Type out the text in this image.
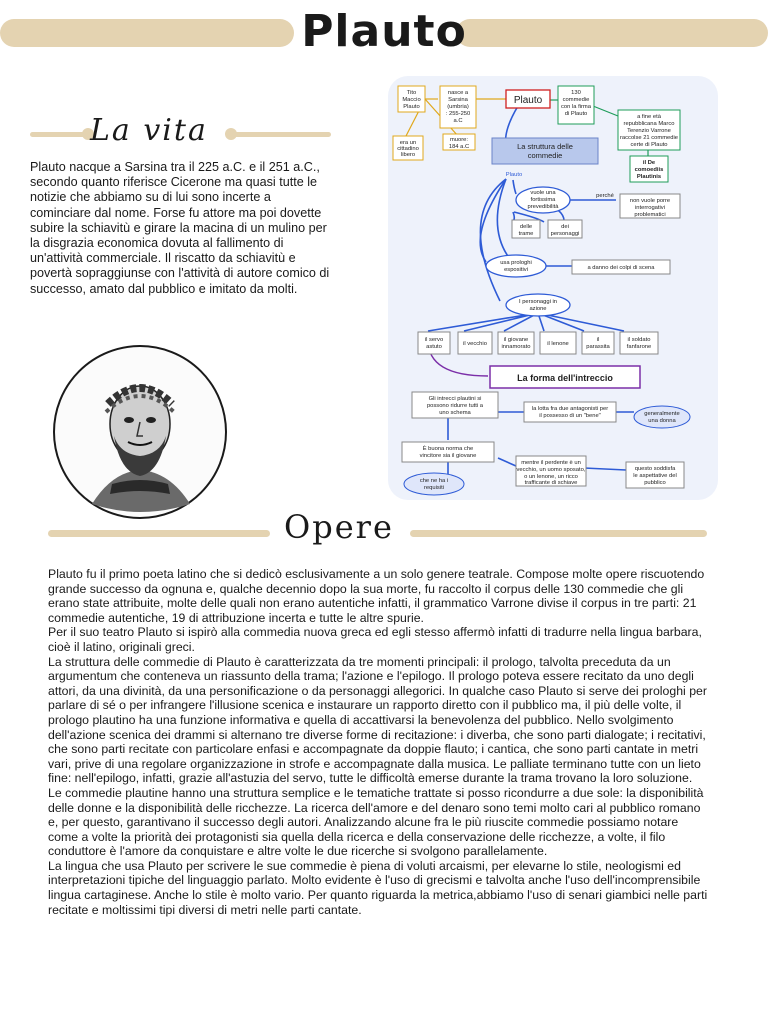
Plauto
La vita

Plauto nacque a Sarsina tra il 225 a.C. e il 251 a.C., secondo quanto riferisce Cicerone ma quasi tutte le notizie che abbiamo su di lui sono incerte a cominciare dal nome. Forse fu attore ma poi dovette subire la schiavitù e girare la macina di un mulino per la disgrazia economica dovuta al fallimento di un'attività commerciale. Il riscatto da schiavitù e povertà sopraggiunse con l'attività di autore comico di successo, amato dal pubblico e imitato da molti.

Tito
Maccio
Plauto
nasce a
Sarsina
(umbria)
: 255-250
a.C
era un
cittadino
libero
muore:
184 a.C
Plauto
130
commedie
con la firma
di Plauto	a fine età
repubblicana Marco
Terenzio Varrone
raccolse 21 commedie
certe di Plauto
il De
comoediis
Plautinis
La struttura delle
commedie
Plauto
vuole una
fortissima
prevedibilità
perché
non vuole porre
interrogativi
problematici
delle
trame
dei
personaggi
usa prologhi
espositivi	a danno dei colpi di scena
I personaggi in
azione
il servo
astuto	il vecchio
il giovane
innamorato	il lenone
il
parassita
il soldato
fanfarone
La forma dell'intreccio
Gli intrecci plautini si
possono ridurre tutti a
uno schema
la lotta fra due antagonisti per
il possesso di un "bene"	generalmente
una donna
È buona norma che
vincitore sia il giovane
che ne ha i
requisiti
mentre il perdente è un
vecchio, un uomo sposato,
o un lenone, un ricco
trafficante di schiave
questo soddisfa
le aspettative del
pubblico
Opere

Plauto fu il primo poeta latino che si dedicò esclusivamente a un solo genere teatrale. Compose molte opere riscuotendo grande successo da ognuna e, qualche decennio dopo la sua morte, fu raccolto il corpus delle 130 commedie che gli erano state attribuite, molte delle quali non erano autentiche infatti, il grammatico Varrone divise il corpus in tre parti: 21 commedie autentiche, 19 di attribuzione incerta e tutte le altre spurie.

Per il suo teatro Plauto si ispirò alla commedia nuova greca ed egli stesso affermò infatti di tradurre nella lingua barbara, cioè il latino, originali greci.

La struttura delle commedie di Plauto è caratterizzata da tre momenti principali: il prologo, talvolta preceduta da un argumentum che conteneva un riassunto della trama; l'azione e l'epilogo. Il prologo poteva essere recitato da uno degli attori, da una divinità, da una personificazione o da personaggi allegorici. In qualche caso Plauto si serve dei prologhi per parlare di sé o per infrangere l'illusione scenica e instaurare un rapporto diretto con il pubblico ma, il più delle volte, il prologo plautino ha una funzione informativa e quella di accattivarsi la benevolenza del pubblico. Nello svolgimento dell'azione scenica dei drammi si alternano tre diverse forme di recitazione: i diverba, che sono parti dialogate; i recitativi, che sono parti recitate con particolare enfasi e accompagnate da doppie flauto; i cantica, che sono parti cantate in metri vari, prive di una regolare organizzazione in strofe e accompagnate dalla musica. Le palliate terminano tutte con un lieto fine: nell'epilogo, infatti, grazie all'astuzia del servo, tutte le difficoltà emerse durante la trama trovano la loro soluzione.

Le commedie plautine hanno una struttura semplice e le tematiche trattate si posso ricondurre a due sole: la disponibilità delle donne e la disponibilità delle ricchezze. La ricerca dell'amore e del denaro sono temi molto cari al pubblico romano e, per questo, garantivano il successo degli autori. Analizzando alcune fra le più riuscite commedie possiamo notare come a volte la priorità dei protagonisti sia quella della ricerca e della conservazione delle ricchezze, a volte, il filo conduttore è l'amore da conquistare e altre volte le due ricerche si svolgono parallelamente.

La lingua che usa Plauto per scrivere le sue commedie è piena di voluti arcaismi, per elevarne lo stile, neologismi ed interpretazioni tipiche del linguaggio parlato. Molto evidente è l'uso di grecismi e talvolta anche l'uso dell'incomprensibile lingua cartaginese. Anche lo stile è molto vario. Per quanto riguarda la metrica,abbiamo l'uso di senari giambici nelle parti recitate e moltissimi tipi diversi di metri nelle parti cantate.
